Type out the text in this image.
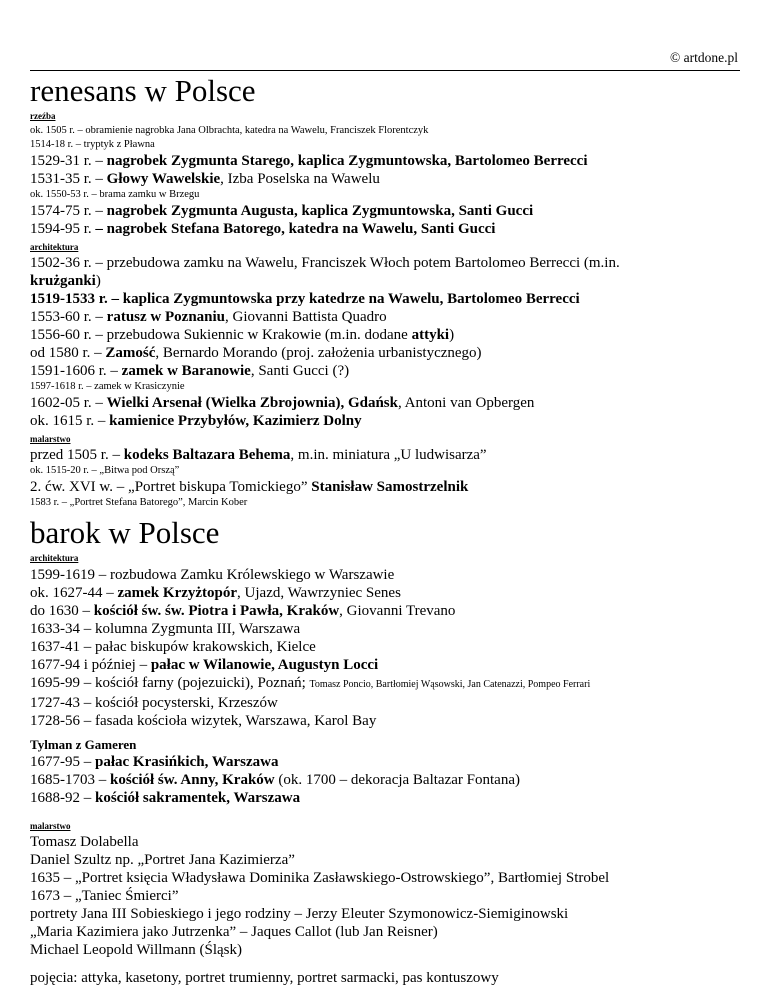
© artdone.pl
renesans w Polsce
rzeźba
ok. 1505 r. – obramienie nagrobka Jana Olbrachta, katedra na Wawelu, Franciszek Florentczyk
1514-18 r. – tryptyk z Pławna
1529-31 r. – nagrobek Zygmunta Starego, kaplica Zygmuntowska, Bartolomeo Berrecci
1531-35 r. – Głowy Wawelskie, Izba Poselska na Wawelu
ok. 1550-53 r. – brama zamku w Brzegu
1574-75 r. – nagrobek Zygmunta Augusta, kaplica Zygmuntowska, Santi Gucci
1594-95 r. – nagrobek Stefana Batorego, katedra na Wawelu, Santi Gucci
architektura
1502-36 r. – przebudowa zamku na Wawelu, Franciszek Włoch potem Bartolomeo Berrecci (m.in.
krużganki)
1519-1533 r. – kaplica Zygmuntowska przy katedrze na Wawelu, Bartolomeo Berrecci
1553-60 r. – ratusz w Poznaniu, Giovanni Battista Quadro
1556-60 r. – przebudowa Sukiennic w Krakowie (m.in. dodane attyki)
od 1580 r. – Zamość, Bernardo Morando (proj. założenia urbanistycznego)
1591-1606 r. – zamek w Baranowie, Santi Gucci (?)
1597-1618 r. – zamek w Krasiczynie
1602-05 r. – Wielki Arsenał (Wielka Zbrojownia), Gdańsk, Antoni van Opbergen
ok. 1615 r. – kamienice Przybyłów, Kazimierz Dolny
malarstwo
przed 1505 r. – kodeks Baltazara Behema, m.in. miniatura „U ludwisarza”
ok. 1515-20 r. – „Bitwa pod Orszą”
2. ćw. XVI w. – „Portret biskupa Tomickiego” Stanisław Samostrzelnik
1583 r. – „Portret Stefana Batorego”, Marcin Kober
barok w Polsce
architektura
1599-1619 – rozbudowa Zamku Królewskiego w Warszawie
ok. 1627-44 – zamek Krzyżtopór, Ujazd, Wawrzyniec Senes
do 1630 – kościół św. św. Piotra i Pawła, Kraków, Giovanni Trevano
1633-34 – kolumna Zygmunta III, Warszawa
1637-41 – pałac biskupów krakowskich, Kielce
1677-94 i później – pałac w Wilanowie, Augustyn Locci
1695-99 – kościół farny (pojezuicki), Poznań; Tomasz Poncio, Bartłomiej Wąsowski, Jan Catenazzi, Pompeo Ferrari
1727-43 – kościół pocysterski, Krzeszów
1728-56 – fasada kościoła wizytek, Warszawa, Karol Bay
Tylman z Gameren
1677-95 – pałac Krasińkich, Warszawa
1685-1703 – kościół św. Anny, Kraków (ok. 1700 – dekoracja Baltazar Fontana)
1688-92 – kościół sakramentek, Warszawa
malarstwo
Tomasz Dolabella
Daniel Szultz np. „Portret Jana Kazimierza”
1635 – „Portret księcia Władysława Dominika Zasławskiego-Ostrowskiego”, Bartłomiej Strobel
1673 – „Taniec Śmierci”
portrety Jana III Sobieskiego i jego rodziny – Jerzy Eleuter Szymonowicz-Siemiginowski
„Maria Kazimiera jako Jutrzenka” – Jaques Callot (lub Jan Reisner)
Michael Leopold Willmann (Śląsk)
pojęcia: attyka, kasetony, portret trumienny, portret sarmacki, pas kontuszowy
